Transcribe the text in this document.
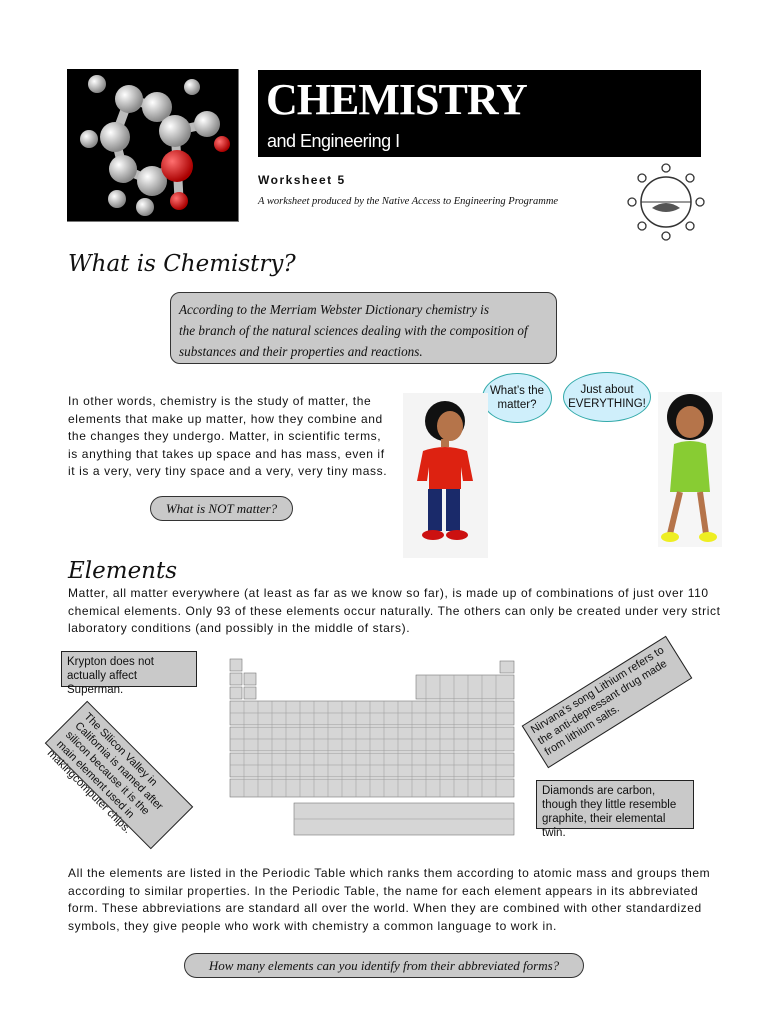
CHEMISTRY
and Engineering I
Worksheet 5
A worksheet produced by the Native Access to Engineering Programme
What is Chemistry?
According to the Merriam Webster Dictionary chemistry is
the branch of the natural sciences dealing with the composition of
substances and their properties and reactions.
In other words, chemistry is the study of matter, the
elements that make up matter, how they combine and
the changes they undergo. Matter, in scientific terms,
is anything that takes up space and has mass, even if
it is a very, very tiny space and a very, very tiny mass.
What is NOT matter?
What’s the matter?
Just about EVERYTHING!
Elements
Matter, all matter everywhere (at least as far as we know so far), is made up of combinations of just over 110
chemical elements. Only 93 of these elements occur naturally. The others can only be created under very strict
laboratory conditions (and possibly in the middle of stars).
Krypton does not actually affect Superman.
The Silicon Valley in California is named after silicon because it is the main element used in makingcomputer chips.
Nirvana’s song Lithium refers to the anti-depressant drug made from lithium salts.
Diamonds are carbon, though they little resemble graphite, their elemental twin.
All the elements are listed in the Periodic Table which ranks them according to atomic mass and groups them
according to similar properties. In the Periodic Table, the name for each element appears in its abbreviated
form. These abbreviations are standard all over the world. When they are combined with other standardized
symbols, they give people who work with chemistry a common language to work in.
How many elements can you identify from their abbreviated forms?
